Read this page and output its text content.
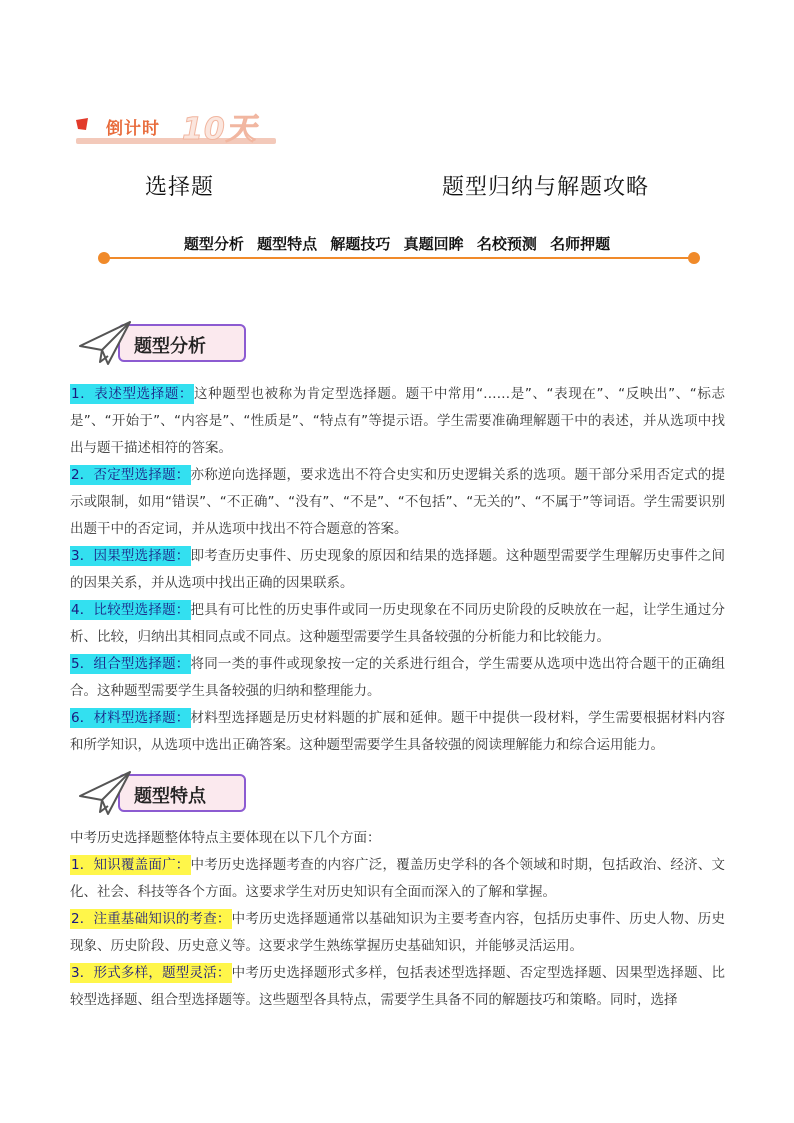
倒计时 10天
选择题      题型归纳与解题攻略
题型分析 题型特点 解题技巧 真题回眸 名校预测 名师押题
题型分析
1．表述型选择题：这种题型也被称为肯定型选择题。题干中常用“……是”、“表现在”、“反映出”、“标志是”、“开始于”、“内容是”、“性质是”、“特点有”等提示语。学生需要准确理解题干中的表述，并从选项中找出与题干描述相符的答案。
2．否定型选择题：亦称逆向选择题，要求选出不符合史实和历史逻辑关系的选项。题干部分采用否定式的提示或限制，如用“错误”、“不正确”、“没有”、“不是”、“不包括”、“无关的”、“不属于”等词语。学生需要识别出题干中的否定词，并从选项中找出不符合题意的答案。
3．因果型选择题：即考查历史事件、历史现象的原因和结果的选择题。这种题型需要学生理解历史事件之间的因果关系，并从选项中找出正确的因果联系。
4．比较型选择题：把具有可比性的历史事件或同一历史现象在不同历史阶段的反映放在一起，让学生通过分析、比较，归纳出其相同点或不同点。这种题型需要学生具备较强的分析能力和比较能力。
5．组合型选择题：将同一类的事件或现象按一定的关系进行组合，学生需要从选项中选出符合题干的正确组合。这种题型需要学生具备较强的归纳和整理能力。
6．材料型选择题：材料型选择题是历史材料题的扩展和延伸。题干中提供一段材料，学生需要根据材料内容和所学知识，从选项中选出正确答案。这种题型需要学生具备较强的阅读理解能力和综合运用能力。
题型特点
中考历史选择题整体特点主要体现在以下几个方面：
1．知识覆盖面广：中考历史选择题考查的内容广泛，覆盖历史学科的各个领域和时期，包括政治、经济、文化、社会、科技等各个方面。这要求学生对历史知识有全面而深入的了解和掌握。
2．注重基础知识的考查：中考历史选择题通常以基础知识为主要考查内容，包括历史事件、历史人物、历史现象、历史阶段、历史意义等。这要求学生熟练掌握历史基础知识，并能够灵活运用。
3．形式多样，题型灵活：中考历史选择题形式多样，包括表述型选择题、否定型选择题、因果型选择题、比较型选择题、组合型选择题等。这些题型各具特点，需要学生具备不同的解题技巧和策略。同时，选择
